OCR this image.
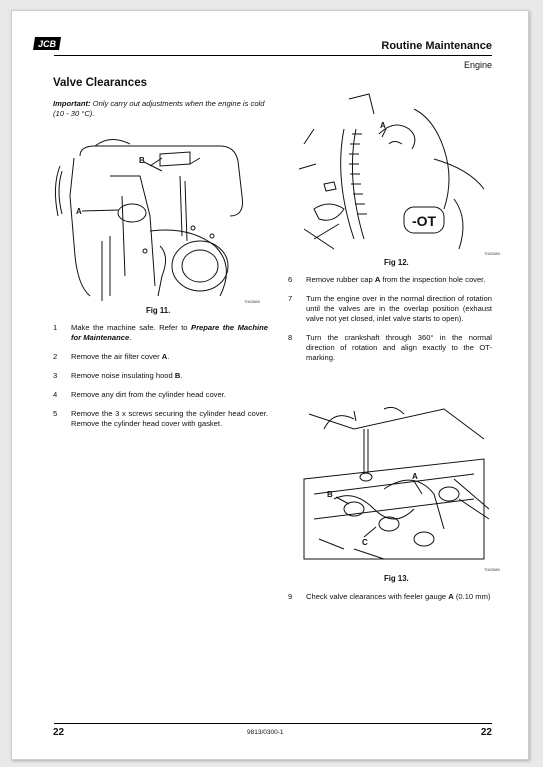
JCB	Routine Maintenance
Engine
Valve Clearances
Important: Only carry out adjustments when the engine is cold (10 - 30 °C).
A
B
T002860
Fig 11.
1	Make the machine safe. Refer to Prepare the Machine for Maintenance.
2	Remove the air filter cover A.
3	Remove noise insulating hood B.
4	Remove any dirt from the cylinder head cover.
5	Remove the 3 x screws securing the cylinder head cover. Remove the cylinder head cover with gasket.
-OT
A
T002080
Fig 12.
6	Remove rubber cap A from the inspection hole cover.
7	Turn the engine over in the normal direction of rotation until the valves are in the overlap position (exhaust valve not yet closed, inlet valve starts to open).
8	Turn the crankshaft through 360° in the normal direction of rotation and align exactly to the OT-marking.
B
A
C
T002880
Fig 13.
9	Check valve clearances with feeler gauge A (0.10 mm)
22	9813/0300-1	22
